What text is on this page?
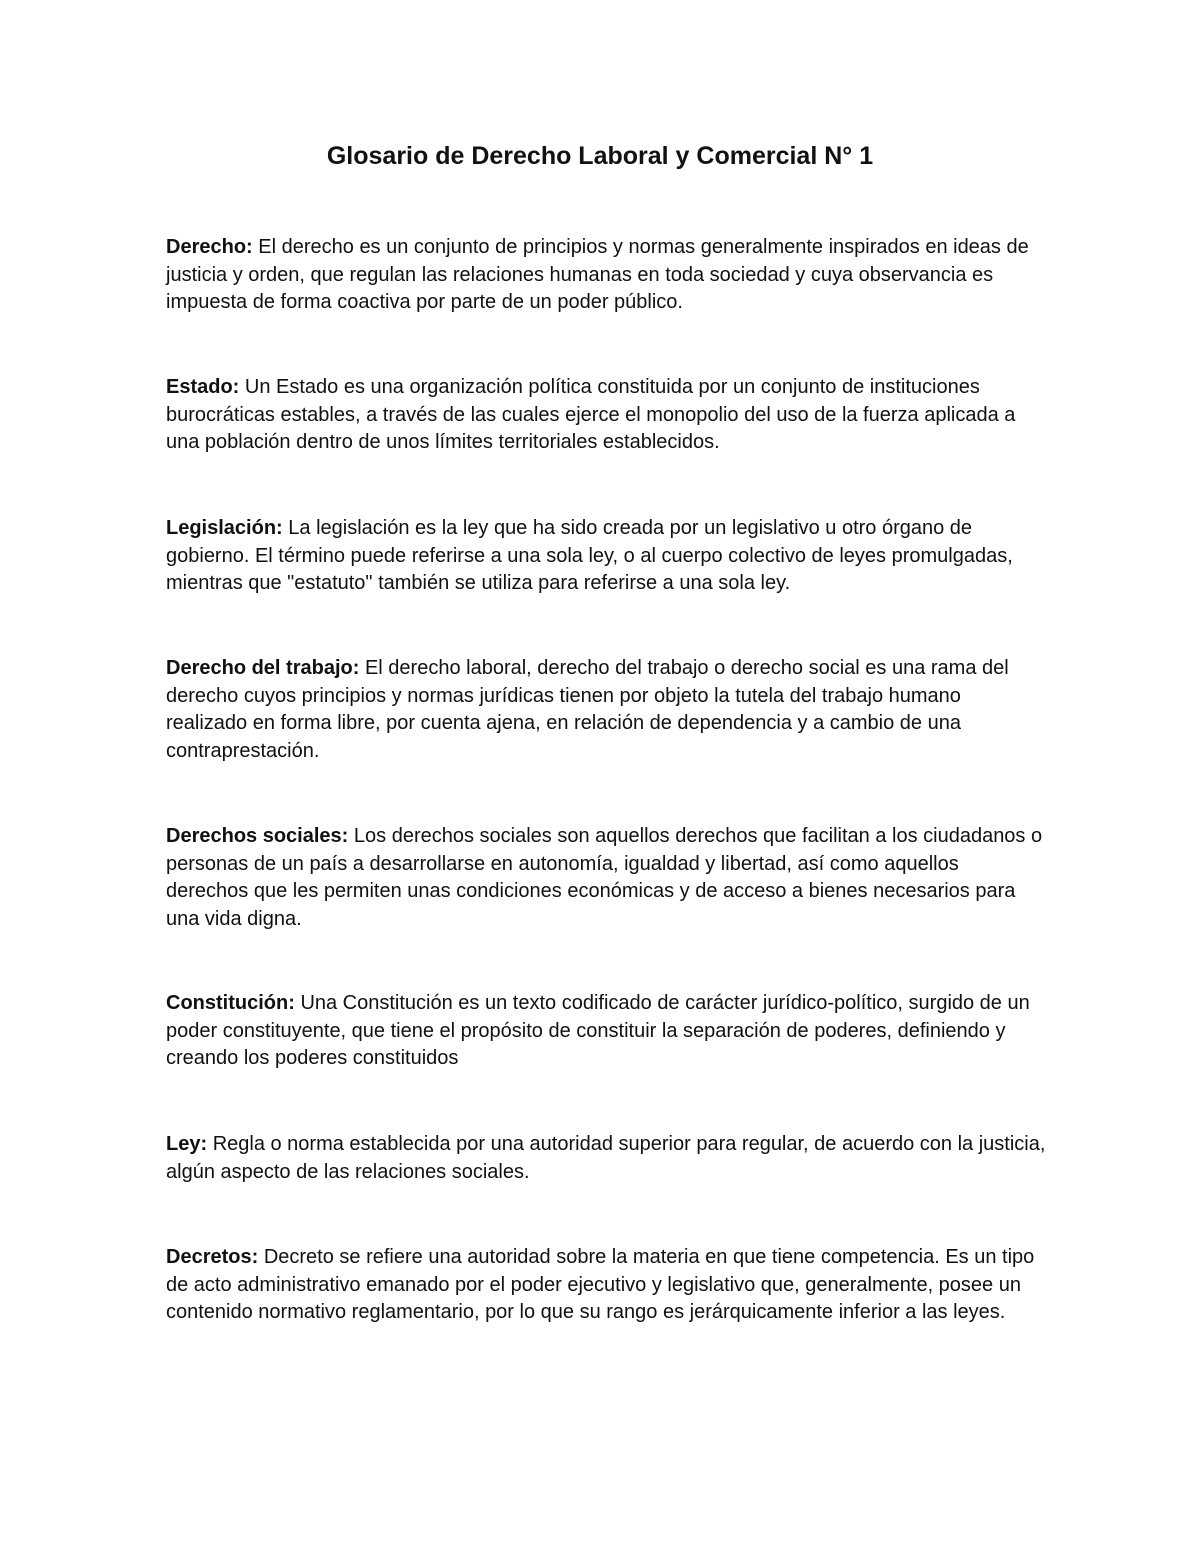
Glosario de Derecho Laboral y Comercial N° 1

Derecho: El derecho es un conjunto de principios y normas generalmente inspirados en ideas de justicia y orden, que regulan las relaciones humanas en toda sociedad y cuya observancia es impuesta de forma coactiva por parte de un poder público.

Estado: Un Estado es una organización política constituida por un conjunto de instituciones burocráticas estables, a través de las cuales ejerce el monopolio del uso de la fuerza aplicada a una población dentro de unos límites territoriales establecidos.

Legislación: La legislación es la ley que ha sido creada por un legislativo u otro órgano de gobierno. El término puede referirse a una sola ley, o al cuerpo colectivo de leyes promulgadas, mientras que "estatuto" también se utiliza para referirse a una sola ley.

Derecho del trabajo: El derecho laboral, derecho del trabajo o derecho social es una rama del derecho cuyos principios y normas jurídicas tienen por objeto la tutela del trabajo humano realizado en forma libre, por cuenta ajena, en relación de dependencia y a cambio de una contraprestación.

Derechos sociales: Los derechos sociales son aquellos derechos que facilitan a los ciudadanos o personas de un país a desarrollarse en autonomía, igualdad y libertad, así como aquellos derechos que les permiten unas condiciones económicas y de acceso a bienes necesarios para una vida digna.

Constitución: Una Constitución es un texto codificado de carácter jurídico-político, surgido de un poder constituyente, que tiene el propósito de constituir la separación de poderes, definiendo y creando los poderes constituidos

Ley: Regla o norma establecida por una autoridad superior para regular, de acuerdo con la justicia, algún aspecto de las relaciones sociales.

Decretos: Decreto se refiere una autoridad sobre la materia en que tiene competencia. Es un tipo de acto administrativo emanado por el poder ejecutivo y legislativo que, generalmente, posee un contenido normativo reglamentario, por lo que su rango es jerárquicamente inferior a las leyes.
